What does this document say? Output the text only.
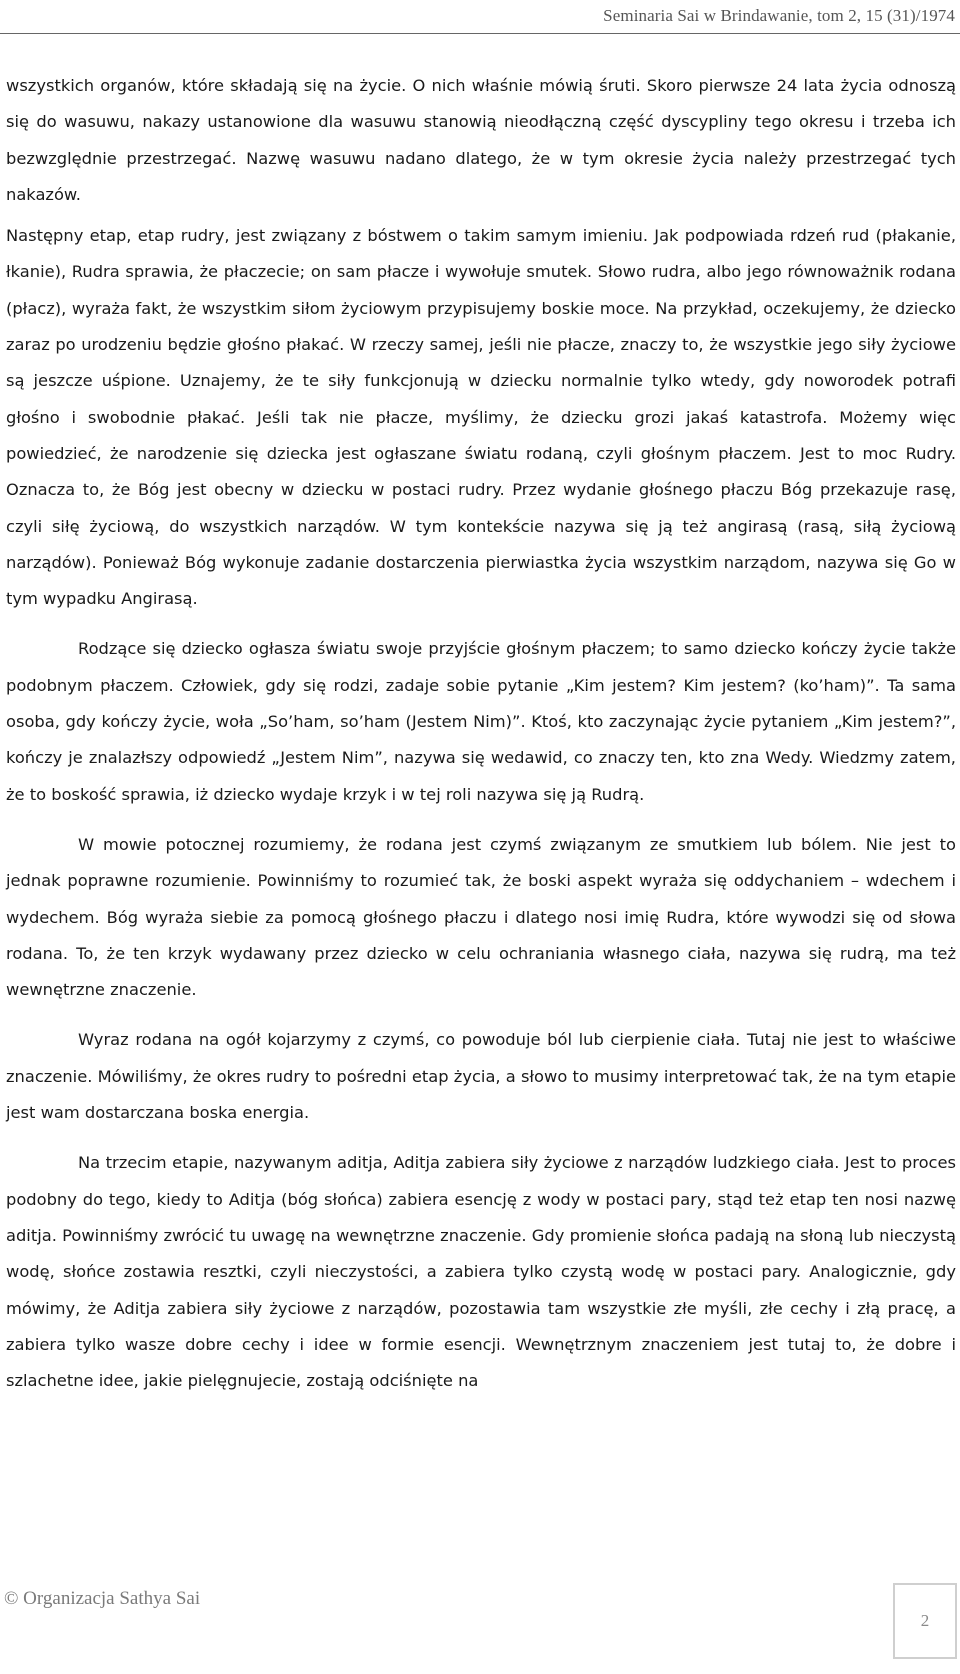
Seminaria Sai w Brindawanie, tom 2, 15 (31)/1974

wszystkich organów, które składają się na życie. O nich właśnie mówią śruti. Skoro pierwsze 24 lata życia odnoszą się do wasuwu, nakazy ustanowione dla wasuwu stanowią nieodłączną część dyscypliny tego okresu i trzeba ich bezwzględnie przestrzegać. Nazwę wasuwu nadano dlatego, że w tym okresie życia należy przestrzegać tych nakazów.

Następny etap, etap rudry, jest związany z bóstwem o takim samym imieniu. Jak podpowiada rdzeń rud (płakanie, łkanie), Rudra sprawia, że płaczecie; on sam płacze i wywołuje smutek. Słowo rudra, albo jego równoważnik rodana (płacz), wyraża fakt, że wszystkim siłom życiowym przypisujemy boskie moce. Na przykład, oczekujemy, że dziecko zaraz po urodzeniu będzie głośno płakać. W rzeczy samej, jeśli nie płacze, znaczy to, że wszystkie jego siły życiowe są jeszcze uśpione. Uznajemy, że te siły funkcjonują w dziecku normalnie tylko wtedy, gdy noworodek potrafi głośno i swobodnie płakać. Jeśli tak nie płacze, myślimy, że dziecku grozi jakaś katastrofa. Możemy więc powiedzieć, że narodzenie się dziecka jest ogłaszane światu rodaną, czyli głośnym płaczem. Jest to moc Rudry. Oznacza to, że Bóg jest obecny w dziecku w postaci rudry. Przez wydanie głośnego płaczu Bóg przekazuje rasę, czyli siłę życiową, do wszystkich narządów. W tym kontekście nazywa się ją też angirasą (rasą, siłą życiową narządów). Ponieważ Bóg wykonuje zadanie dostarczenia pierwiastka życia wszystkim narządom, nazywa się Go w tym wypadku Angirasą.

Rodzące się dziecko ogłasza światu swoje przyjście głośnym płaczem; to samo dziecko kończy życie także podobnym płaczem. Człowiek, gdy się rodzi, zadaje sobie pytanie „Kim jestem? Kim jestem? (ko’ham)”. Ta sama osoba, gdy kończy życie, woła „So’ham, so’ham (Jestem Nim)”. Ktoś, kto zaczynając życie pytaniem „Kim jestem?”, kończy je znalazłszy odpowiedź „Jestem Nim”, nazywa się wedawid, co znaczy ten, kto zna Wedy. Wiedzmy zatem, że to boskość sprawia, iż dziecko wydaje krzyk i w tej roli nazywa się ją Rudrą.

W mowie potocznej rozumiemy, że rodana jest czymś związanym ze smutkiem lub bólem. Nie jest to jednak poprawne rozumienie. Powinniśmy to rozumieć tak, że boski aspekt wyraża się oddychaniem – wdechem i wydechem. Bóg wyraża siebie za pomocą głośnego płaczu i dlatego nosi imię Rudra, które wywodzi się od słowa rodana. To, że ten krzyk wydawany przez dziecko w celu ochraniania własnego ciała, nazywa się rudrą, ma też wewnętrzne znaczenie.

Wyraz rodana na ogół kojarzymy z czymś, co powoduje ból lub cierpienie ciała. Tutaj nie jest to właściwe znaczenie. Mówiliśmy, że okres rudry to pośredni etap życia, a słowo to musimy interpretować tak, że na tym etapie jest wam dostarczana boska energia.

Na trzecim etapie, nazywanym aditja, Aditja zabiera siły życiowe z narządów ludzkiego ciała. Jest to proces podobny do tego, kiedy to Aditja (bóg słońca) zabiera esencję z wody w postaci pary, stąd też etap ten nosi nazwę aditja. Powinniśmy zwrócić tu uwagę na wewnętrzne znaczenie. Gdy promienie słońca padają na słoną lub nieczystą wodę, słońce zostawia resztki, czyli nieczystości, a zabiera tylko czystą wodę w postaci pary. Analogicznie, gdy mówimy, że Aditja zabiera siły życiowe z narządów, pozostawia tam wszystkie złe myśli, złe cechy i złą pracę, a zabiera tylko wasze dobre cechy i idee w formie esencji. Wewnętrznym znaczeniem jest tutaj to, że dobre i szlachetne idee, jakie pielęgnujecie, zostają odciśnięte na

© Organizacja Sathya Sai
2
